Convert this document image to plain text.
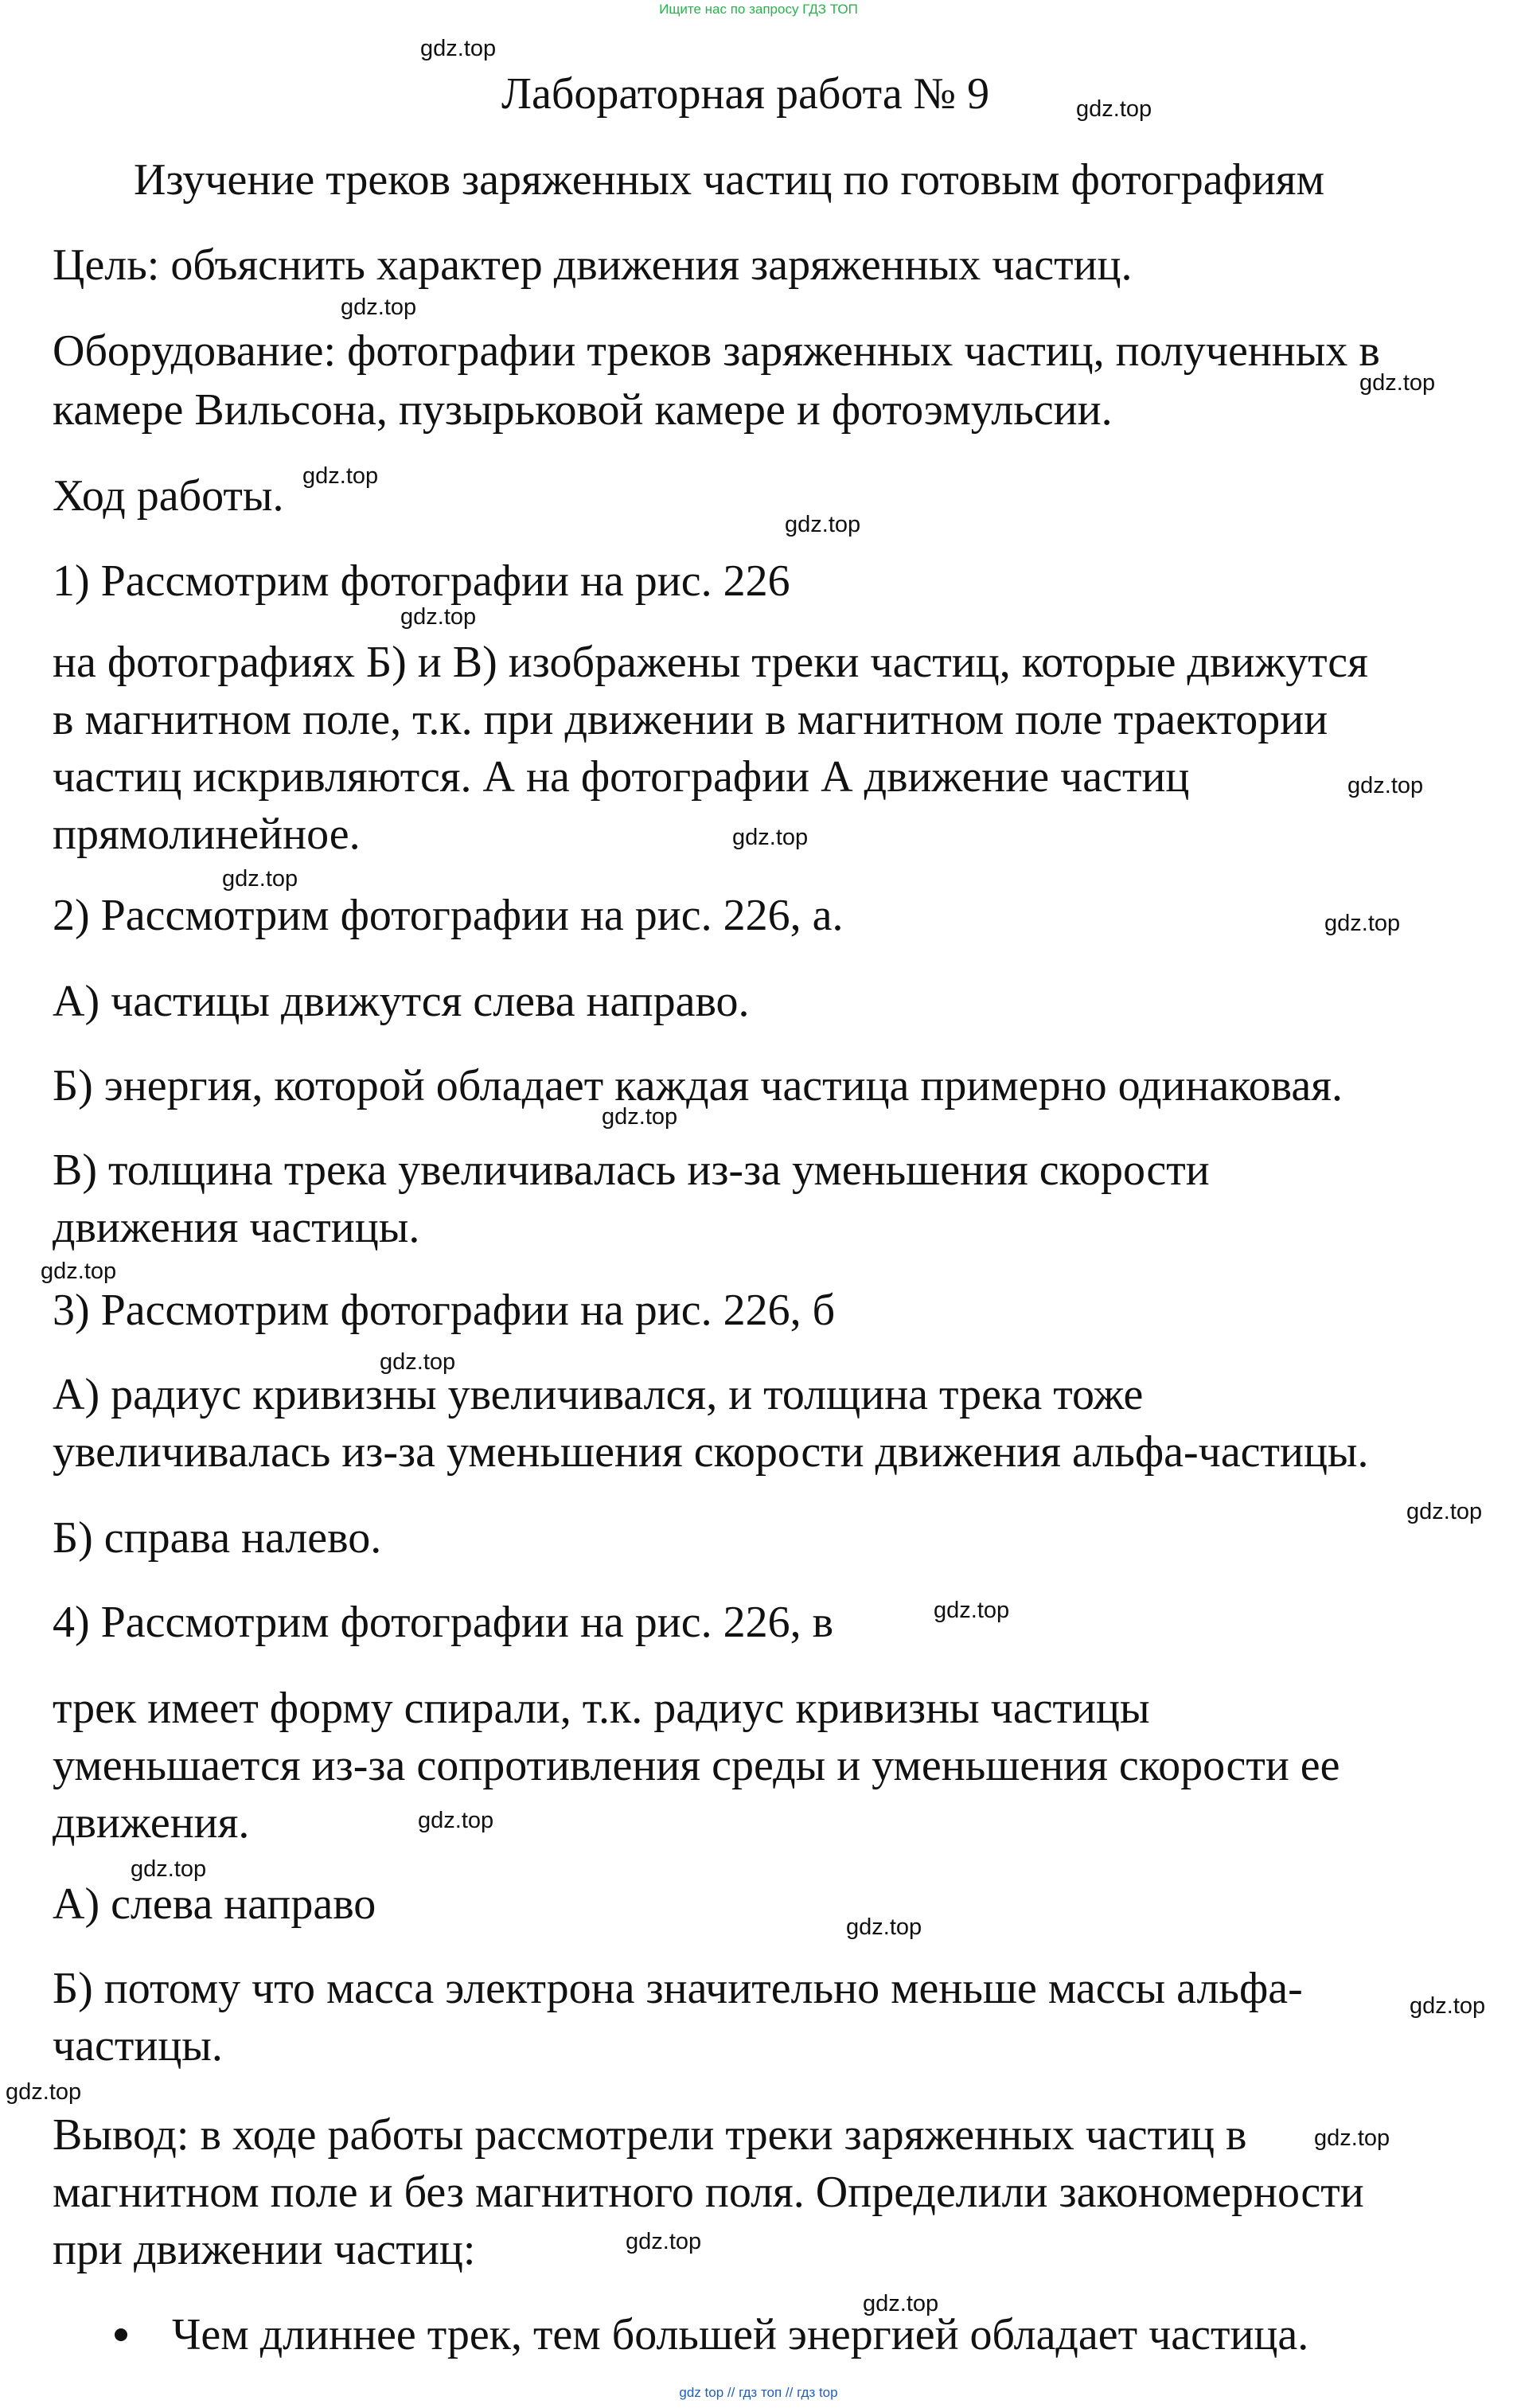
Ищите нас по запросу ГДЗ ТОП
Лабораторная работа № 9
Изучение треков заряженных частиц по готовым фотографиям
Цель: объяснить характер движения заряженных частиц.
Оборудование: фотографии треков заряженных частиц, полученных в
камере Вильсона, пузырьковой камере и фотоэмульсии.
Ход работы.
1) Рассмотрим фотографии на рис. 226
на фотографиях Б) и В) изображены треки частиц, которые движутся
в магнитном поле, т.к. при движении в магнитном поле траектории
частиц искривляются. А на фотографии А движение частиц
прямолинейное.
2) Рассмотрим фотографии на рис. 226, а.
А) частицы движутся слева направо.
Б) энергия, которой обладает каждая частица примерно одинаковая.
В) толщина трека увеличивалась из-за уменьшения скорости
движения частицы.
3) Рассмотрим фотографии на рис. 226, б
А) радиус кривизны увеличивался, и толщина трека тоже
увеличивалась из-за уменьшения скорости движения альфа-частицы.
Б) справа налево.
4) Рассмотрим фотографии на рис. 226, в
трек имеет форму спирали, т.к. радиус кривизны частицы
уменьшается из-за сопротивления среды и уменьшения скорости ее
движения.
А) слева направо
Б) потому что масса электрона значительно меньше массы альфа-
частицы.
Вывод: в ходе работы рассмотрели треки заряженных частиц в
магнитном поле и без магнитного поля. Определили закономерности
при движении частиц:
Чем длиннее трек, тем большей энергией обладает частица.
gdz.top
gdz.top
gdz.top
gdz.top
gdz.top
gdz.top
gdz.top
gdz.top
gdz.top
gdz.top
gdz.top
gdz.top
gdz.top
gdz.top
gdz.top
gdz.top
gdz.top
gdz.top
gdz.top
gdz.top
gdz.top
gdz.top
gdz.top
gdz.top
gdz top // гдз топ // гдз top
